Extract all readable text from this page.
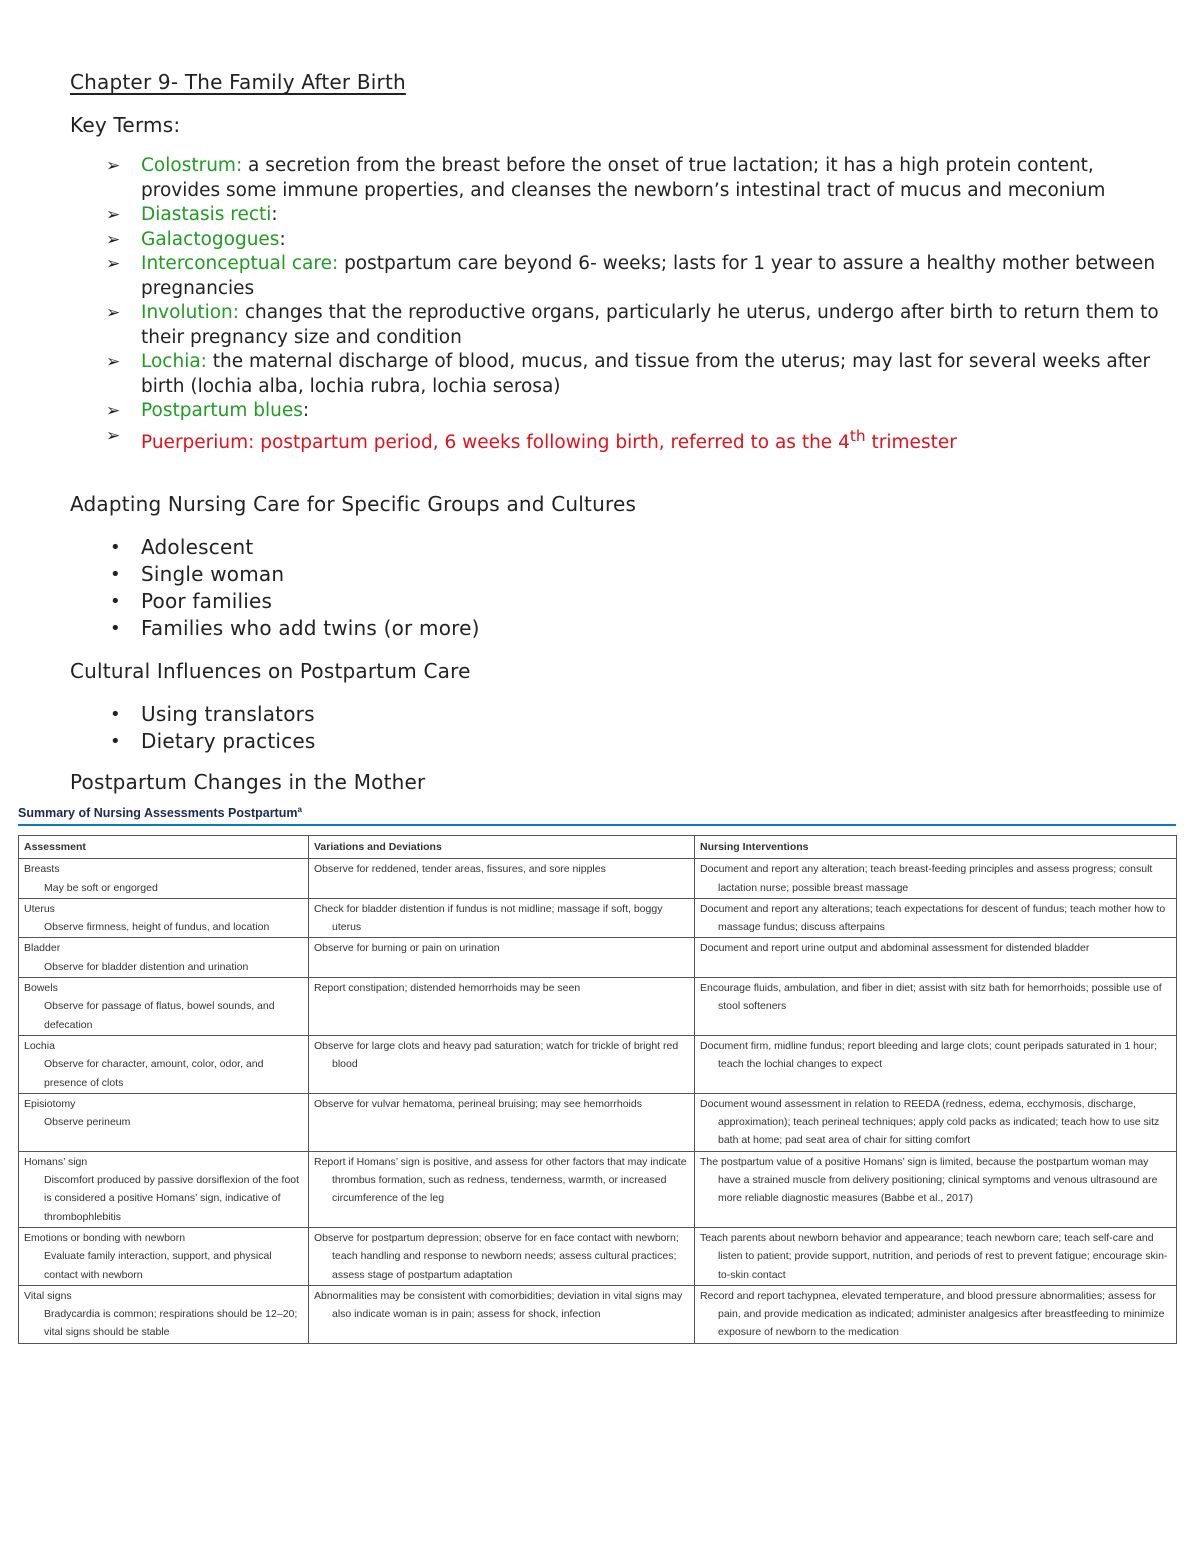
Chapter 9- The Family After Birth
Key Terms:
➢ Colostrum: a secretion from the breast before the onset of true lactation; it has a high protein content, provides some immune properties, and cleanses the newborn’s intestinal tract of mucus and meconium
➢ Diastasis recti:
➢ Galactogogues:
➢ Interconceptual care: postpartum care beyond 6- weeks; lasts for 1 year to assure a healthy mother between pregnancies
➢ Involution: changes that the reproductive organs, particularly he uterus, undergo after birth to return them to their pregnancy size and condition
➢ Lochia: the maternal discharge of blood, mucus, and tissue from the uterus; may last for several weeks after birth (lochia alba, lochia rubra, lochia serosa)
➢ Postpartum blues:
➢ Puerperium: postpartum period, 6 weeks following birth, referred to as the 4th trimester
Adapting Nursing Care for Specific Groups and Cultures
• Adolescent
• Single woman
• Poor families
• Families who add twins (or more)
Cultural Influences on Postpartum Care
• Using translators
• Dietary practices
Postpartum Changes in the Mother
Summary of Nursing Assessments Postpartum$^a$
Assessment	Variations and Deviations	Nursing Interventions

Breasts
May be soft or engorged	Observe for reddened, tender areas, fissures, and sore nipples	Document and report any alteration; teach breast-feeding principles and assess progress; consult lactation nurse; possible breast massage

Uterus
Observe firmness, height of fundus, and location	Check for bladder distention if fundus is not midline; massage if soft, boggy uterus	Document and report any alterations; teach expectations for descent of fundus; teach mother how to massage fundus; discuss afterpains

Bladder
Observe for bladder distention and urination	Observe for burning or pain on urination	Document and report urine output and abdominal assessment for distended bladder

Bowels
Observe for passage of flatus, bowel sounds, and defecation	Report constipation; distended hemorrhoids may be seen	Encourage fluids, ambulation, and fiber in diet; assist with sitz bath for hemorrhoids; possible use of stool softeners

Lochia
Observe for character, amount, color, odor, and presence of clots	Observe for large clots and heavy pad saturation; watch for trickle of bright red blood	Document firm, midline fundus; report bleeding and large clots; count peripads saturated in 1 hour; teach the lochial changes to expect

Episiotomy
Observe perineum	Observe for vulvar hematoma, perineal bruising; may see hemorrhoids	Document wound assessment in relation to REEDA (redness, edema, ecchymosis, discharge, approximation); teach perineal techniques; apply cold packs as indicated; teach how to use sitz bath at home; pad seat area of chair for sitting comfort

Homans’ sign
Discomfort produced by passive dorsiflexion of the foot is considered a positive Homans’ sign, indicative of thrombophlebitis	Report if Homans’ sign is positive, and assess for other factors that may indicate thrombus formation, such as redness, tenderness, warmth, or increased circumference of the leg	The postpartum value of a positive Homans’ sign is limited, because the postpartum woman may have a strained muscle from delivery positioning; clinical symptoms and venous ultrasound are more reliable diagnostic measures (Babbe et al., 2017)

Emotions or bonding with newborn
Evaluate family interaction, support, and physical contact with newborn	Observe for postpartum depression; observe for en face contact with newborn; teach handling and response to newborn needs; assess cultural practices; assess stage of postpartum adaptation	Teach parents about newborn behavior and appearance; teach newborn care; teach self-care and listen to patient; provide support, nutrition, and periods of rest to prevent fatigue; encourage skin-to-skin contact

Vital signs
Bradycardia is common; respirations should be 12–20; vital signs should be stable	Abnormalities may be consistent with comorbidities; deviation in vital signs may also indicate woman is in pain; assess for shock, infection	Record and report tachypnea, elevated temperature, and blood pressure abnormalities; assess for pain, and provide medication as indicated; administer analgesics after breastfeeding to minimize exposure of newborn to the medication
